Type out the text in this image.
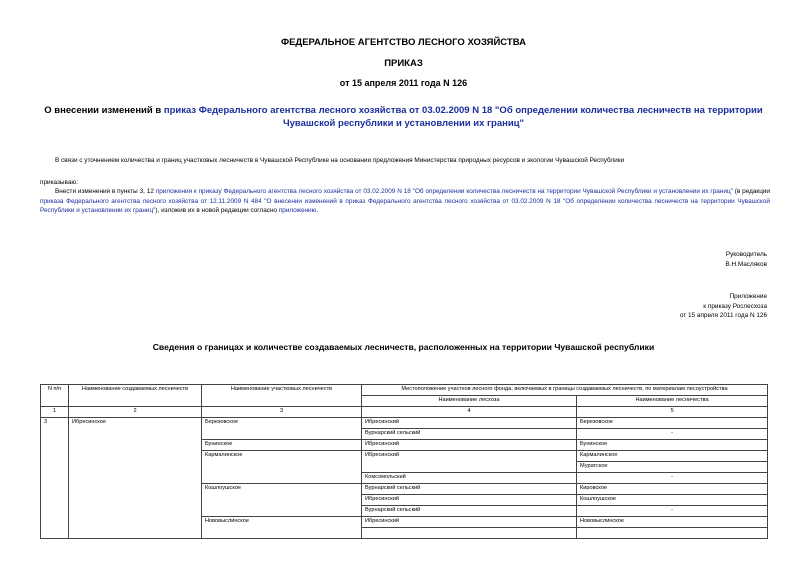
ФЕДЕРАЛЬНОЕ АГЕНТСТВО ЛЕСНОГО ХОЗЯЙСТВА
ПРИКАЗ
от 15 апреля 2011 года N 126
О внесении изменений в приказ Федерального агентства лесного хозяйства от 03.02.2009 N 18 "Об определении количества лесничеств на территории Чувашской республики и установлении их границ"
В связи с уточнением количества и границ участковых лесничеств в Чувашской Республике на основании предложения Министерства природных ресурсов и экологии Чувашской Республики
приказываю:
Внести изменения в пункты 3, 12 приложения к приказу Федерального агентства лесного хозяйства от 03.02.2009 N 18 "Об определении количества лесничеств на территории Чувашской Республики и установлении их границ" (в редакции приказа Федерального агентства лесного хозяйства от 12.11.2009 N 484 "О внесении изменений в приказ Федерального агентства лесного хозяйства от 03.02.2009 N 18 "Об определении количества лесничеств на территории Чувашской Республики и установлении их границ"), изложив их в новой редакции согласно приложению.
Руководитель
В.Н.Масляков
Приложение
к приказу Рослесхоза
от 15 апреля 2011 года N 126
Сведения о границах и количестве создаваемых лесничеств, расположенных на территории Чувашской республики
N п/п	Наименование создаваемых лесничеств	Наименование участковых лесничеств	Местоположение участков лесного фонда, включаемых в границы создаваемых лесничеств, по материалам лесоустройства	
			Наименование лесхоза	Наименование лесничества
1	2	3	4	5
3	Ибресинское	Березовское	Ибресинский	Березовское
			Вурнарский сельский	-
		Бунинское	Ибресинский	Бунинское
		Кармалинское	Ибресинский	Кармалинское
				Муратское
			Комсомольский	-
		Кошлоушское	Вурнарский сельский	Кировское
			Ибресинский	Кошлоушское
			Вурнарский сельский	-
		Нововыслинское	Ибресинский	Нововыслинское
